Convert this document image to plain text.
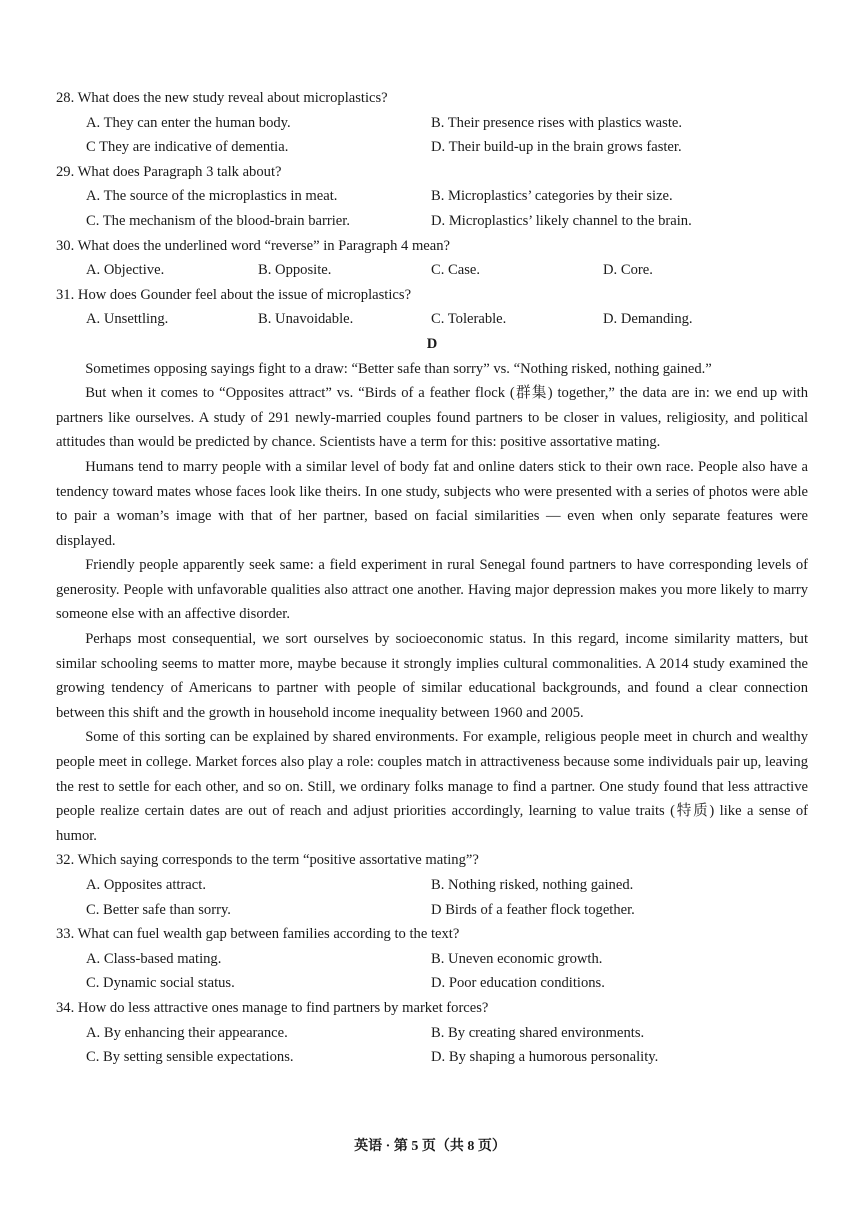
28. What does the new study reveal about microplastics?
A. They can enter the human body.	B. Their presence rises with plastics waste.
C They are indicative of dementia.	D. Their build-up in the brain grows faster.
29. What does Paragraph 3 talk about?
A. The source of the microplastics in meat.	B. Microplastics’ categories by their size.
C. The mechanism of the blood-brain barrier.	D. Microplastics’ likely channel to the brain.
30. What does the underlined word “reverse” in Paragraph 4 mean?
A. Objective.	B. Opposite.	C. Case.	D. Core.
31. How does Gounder feel about the issue of microplastics?
A. Unsettling.	B. Unavoidable.	C. Tolerable.	D. Demanding.
D

Sometimes opposing sayings fight to a draw: “Better safe than sorry” vs. “Nothing risked, nothing gained.”

But when it comes to “Opposites attract” vs. “Birds of a feather flock (群集) together,” the data are in: we end up with partners like ourselves. A study of 291 newly-married couples found partners to be closer in values, religiosity, and political attitudes than would be predicted by chance. Scientists have a term for this: positive assortative mating.

Humans tend to marry people with a similar level of body fat and online daters stick to their own race. People also have a tendency toward mates whose faces look like theirs. In one study, subjects who were presented with a series of photos were able to pair a woman’s image with that of her partner, based on facial similarities — even when only separate features were displayed.

Friendly people apparently seek same: a field experiment in rural Senegal found partners to have corresponding levels of generosity. People with unfavorable qualities also attract one another. Having major depression makes you more likely to marry someone else with an affective disorder.

Perhaps most consequential, we sort ourselves by socioeconomic status. In this regard, income similarity matters, but similar schooling seems to matter more, maybe because it strongly implies cultural commonalities. A 2014 study examined the growing tendency of Americans to partner with people of similar educational backgrounds, and found a clear connection between this shift and the growth in household income inequality between 1960 and 2005.

Some of this sorting can be explained by shared environments. For example, religious people meet in church and wealthy people meet in college. Market forces also play a role: couples match in attractiveness because some individuals pair up, leaving the rest to settle for each other, and so on. Still, we ordinary folks manage to find a partner. One study found that less attractive people realize certain dates are out of reach and adjust priorities accordingly, learning to value traits (特质) like a sense of humor.

32. Which saying corresponds to the term “positive assortative mating”?
A. Opposites attract.	B. Nothing risked, nothing gained.
C. Better safe than sorry.	D Birds of a feather flock together.
33. What can fuel wealth gap between families according to the text?
A. Class-based mating.	B. Uneven economic growth.
C. Dynamic social status.	D. Poor education conditions.
34. How do less attractive ones manage to find partners by market forces?
A. By enhancing their appearance.	B. By creating shared environments.
C. By setting sensible expectations.	D. By shaping a humorous personality.
英语 · 第 5 页（共 8 页）
